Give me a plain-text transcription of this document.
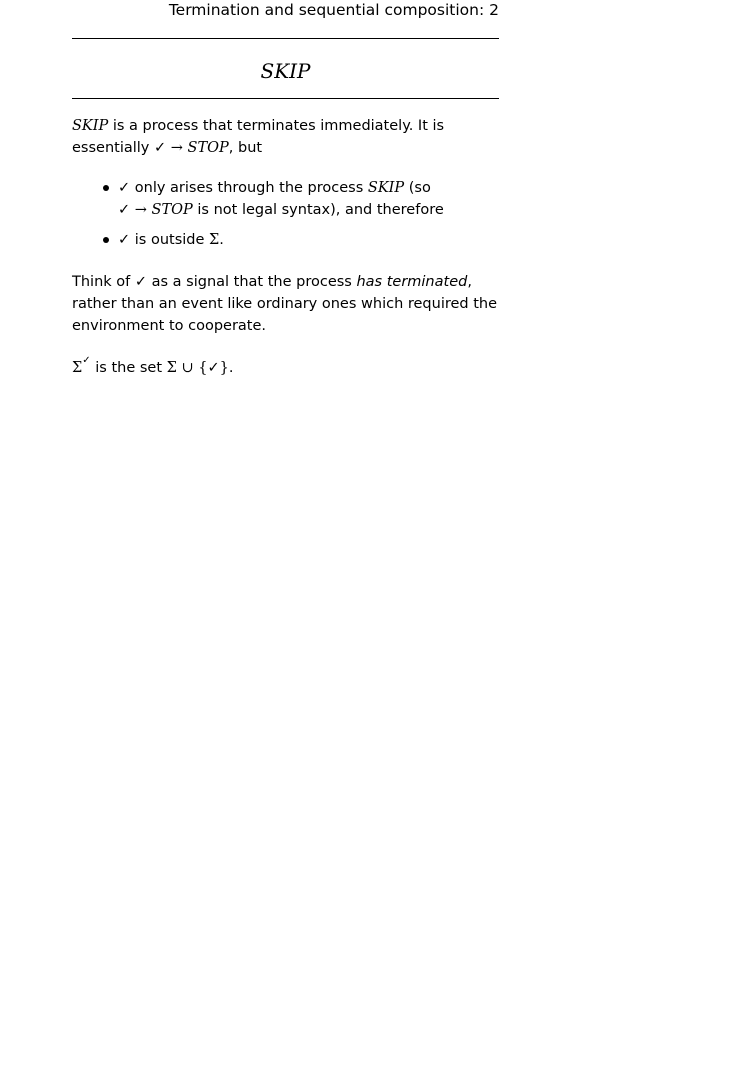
Termination and sequential composition: 2
SKIP

SKIP is a process that terminates immediately. It is essentially ✓ → STOP, but

✓ only arises through the process SKIP (so
✓ → STOP is not legal syntax), and therefore
✓ is outside Σ.

Think of ✓ as a signal that the process has terminated, rather than an event like ordinary ones which required the environment to cooperate.

Σ✓ is the set Σ ∪ {✓}.
